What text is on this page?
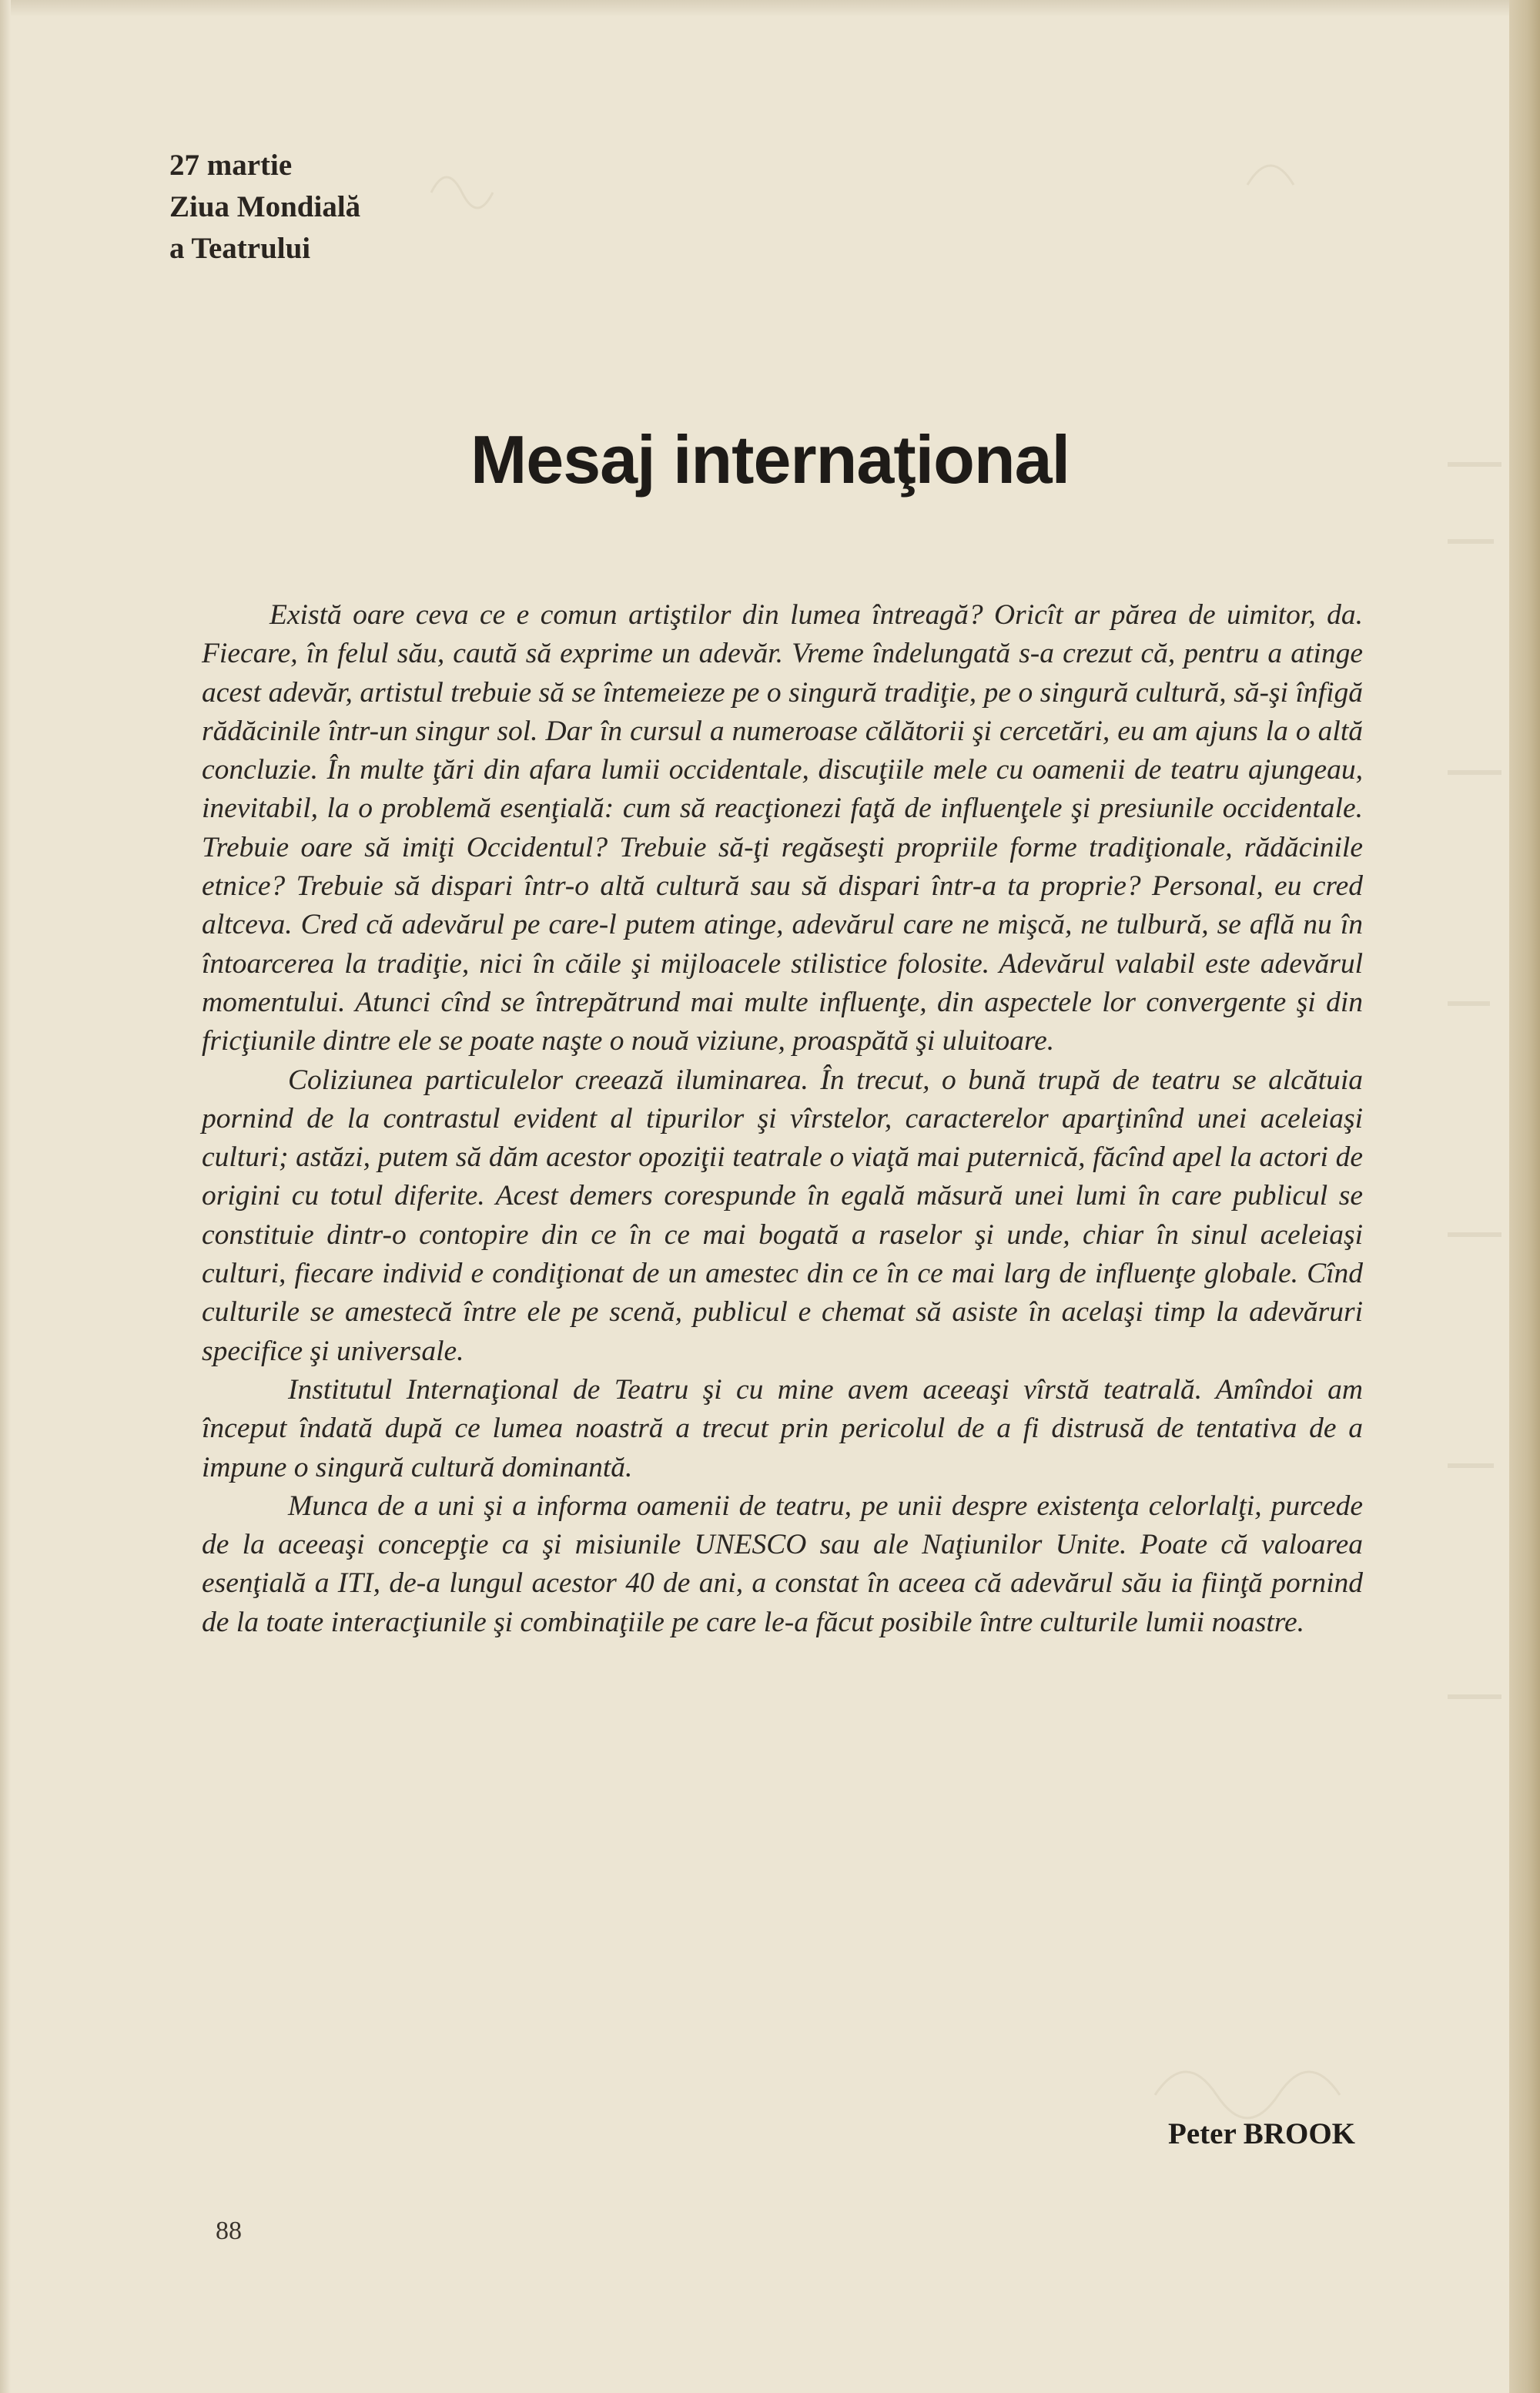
27 martie
Ziua Mondială
a Teatrului
Mesaj internaţional

Există oare ceva ce e comun artiştilor din lumea întreagă? Oricît ar părea de uimitor, da. Fiecare, în felul său, caută să exprime un adevăr. Vreme îndelungată s-a crezut că, pentru a atinge acest adevăr, artistul trebuie să se întemeieze pe o singură tradiţie, pe o singură cultură, să-şi înfigă rădăcinile într-un singur sol. Dar în cursul a numeroase călătorii şi cercetări, eu am ajuns la o altă concluzie. În multe ţări din afara lumii occidentale, discuţiile mele cu oamenii de teatru ajungeau, inevitabil, la o problemă esenţială: cum să reacţionezi faţă de influenţele şi presiunile occidentale. Trebuie oare să imiţi Occidentul? Trebuie să-ţi regăseşti propriile forme tradiţionale, rădăcinile etnice? Trebuie să dispari într-o altă cultură sau să dispari într-a ta proprie? Personal, eu cred altceva. Cred că adevărul pe care-l putem atinge, adevărul care ne mişcă, ne tulbură, se află nu în întoarcerea la tradiţie, nici în căile şi mijloacele stilistice folosite. Adevărul valabil este adevărul momentului. Atunci cînd se întrepătrund mai multe influenţe, din aspectele lor convergente şi din fricţiunile dintre ele se poate naşte o nouă viziune, proaspătă şi uluitoare.

Coliziunea particulelor creează iluminarea. În trecut, o bună trupă de teatru se alcătuia pornind de la contrastul evident al tipurilor şi vîrstelor, caracterelor aparţinînd unei aceleiaşi culturi; astăzi, putem să dăm acestor opoziţii teatrale o viaţă mai puternică, făcînd apel la actori de origini cu totul diferite. Acest demers corespunde în egală măsură unei lumi în care publicul se constituie dintr-o contopire din ce în ce mai bogată a raselor şi unde, chiar în sinul aceleiaşi culturi, fiecare individ e condiţionat de un amestec din ce în ce mai larg de influenţe globale. Cînd culturile se amestecă între ele pe scenă, publicul e chemat să asiste în acelaşi timp la adevăruri specifice şi universale.

Institutul Internaţional de Teatru şi cu mine avem aceeaşi vîrstă teatrală. Amîndoi am început îndată după ce lumea noastră a trecut prin pericolul de a fi distrusă de tentativa de a impune o singură cultură dominantă.

Munca de a uni şi a informa oamenii de teatru, pe unii despre existenţa celorlalţi, purcede de la aceeaşi concepţie ca şi misiunile UNESCO sau ale Naţiunilor Unite. Poate că valoarea esenţială a ITI, de-a lungul acestor 40 de ani, a constat în aceea că adevărul său ia fiinţă pornind de la toate interacţiunile şi combinaţiile pe care le-a făcut posibile între culturile lumii noastre.

Peter BROOK
88
